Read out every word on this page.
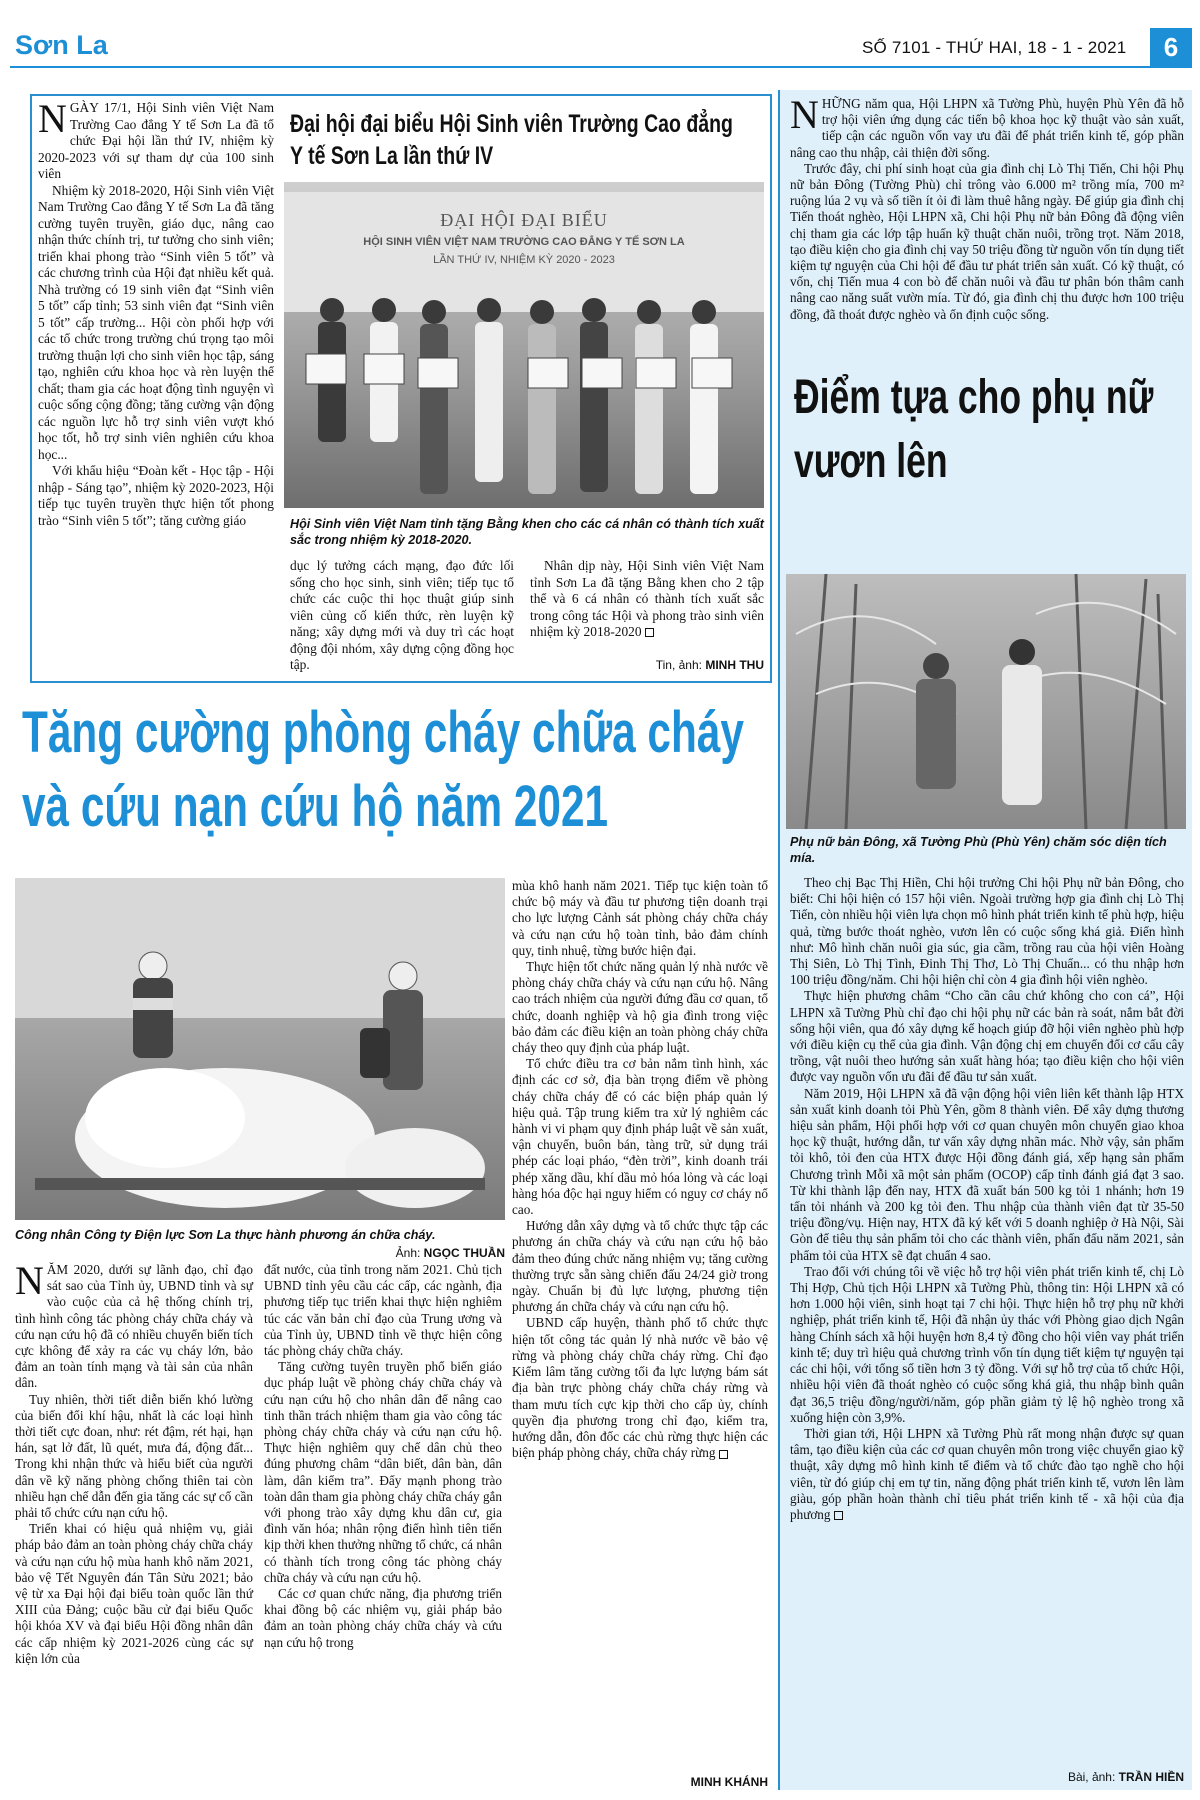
Sơn La	SỐ 7101 - THỨ HAI, 18 - 1 - 2021	6

NGÀY 17/1, Hội Sinh viên Việt Nam Trường Cao đẳng Y tế Sơn La đã tổ chức Đại hội lần thứ IV, nhiệm kỳ 2020-2023 với sự tham dự của 100 sinh viên

Nhiệm kỳ 2018-2020, Hội Sinh viên Việt Nam Trường Cao đẳng Y tế Sơn La đã tăng cường tuyên truyền, giáo dục, nâng cao nhận thức chính trị, tư tưởng cho sinh viên; triển khai phong trào “Sinh viên 5 tốt” và các chương trình của Hội đạt nhiều kết quả. Nhà trường có 19 sinh viên đạt “Sinh viên 5 tốt” cấp tỉnh; 53 sinh viên đạt “Sinh viên 5 tốt” cấp trường... Hội còn phối hợp với các tổ chức trong trường chú trọng tạo môi trường thuận lợi cho sinh viên học tập, sáng tạo, nghiên cứu khoa học và rèn luyện thể chất; tham gia các hoạt động tình nguyện vì cuộc sống cộng đồng; tăng cường vận động các nguồn lực hỗ trợ sinh viên vượt khó học tốt, hỗ trợ sinh viên nghiên cứu khoa học...

Với khẩu hiệu “Đoàn kết - Học tập - Hội nhập - Sáng tạo”, nhiệm kỳ 2020-2023, Hội tiếp tục tuyên truyền thực hiện tốt phong trào “Sinh viên 5 tốt”; tăng cường giáo

Đại hội đại biểu Hội Sinh viên Trường Cao đẳng
Y tế Sơn La lần thứ IV
ĐẠI HỘI ĐẠI BIỂU
HỘI SINH VIÊN VIỆT NAM TRƯỜNG CAO ĐẲNG Y TẾ SƠN LA
LẦN THỨ IV, NHIỆM KỲ 2020 - 2023
Hội Sinh viên Việt Nam tỉnh tặng Bằng khen cho các cá nhân có thành tích xuất sắc trong nhiệm kỳ 2018-2020.

dục lý tưởng cách mạng, đạo đức lối sống cho học sinh, sinh viên; tiếp tục tổ chức các cuộc thi học thuật giúp sinh viên củng cố kiến thức, rèn luyện kỹ năng; xây dựng mới và duy trì các hoạt động đội nhóm, xây dựng cộng đồng học tập.

Nhân dịp này, Hội Sinh viên Việt Nam tỉnh Sơn La đã tặng Bằng khen cho 2 tập thể và 6 cá nhân có thành tích xuất sắc trong công tác Hội và phong trào sinh viên nhiệm kỳ 2018-2020

Tin, ảnh: MINH THU
Tăng cường phòng cháy chữa cháy
và cứu nạn cứu hộ năm 2021
Công nhân Công ty Điện lực Sơn La thực hành phương án chữa cháy.
Ảnh: NGỌC THUẦN

mùa khô hanh năm 2021. Tiếp tục kiện toàn tổ chức bộ máy và đầu tư phương tiện doanh trại cho lực lượng Cảnh sát phòng cháy chữa cháy và cứu nạn cứu hộ toàn tỉnh, bảo đảm chính quy, tinh nhuệ, từng bước hiện đại.

Thực hiện tốt chức năng quản lý nhà nước về phòng cháy chữa cháy và cứu nạn cứu hộ. Nâng cao trách nhiệm của người đứng đầu cơ quan, tổ chức, doanh nghiệp và hộ gia đình trong việc bảo đảm các điều kiện an toàn phòng cháy chữa cháy theo quy định của pháp luật.

Tổ chức điều tra cơ bản nắm tình hình, xác định các cơ sở, địa bàn trọng điểm về phòng cháy chữa cháy để có các biện pháp quản lý hiệu quả. Tập trung kiểm tra xử lý nghiêm các hành vi vi phạm quy định pháp luật về sản xuất, vận chuyển, buôn bán, tàng trữ, sử dụng trái phép các loại pháo, “đèn trời”, kinh doanh trái phép xăng dầu, khí dầu mỏ hóa lỏng và các loại hàng hóa độc hại nguy hiểm có nguy cơ cháy nổ cao.

Hướng dẫn xây dựng và tổ chức thực tập các phương án chữa cháy và cứu nạn cứu hộ bảo đảm theo đúng chức năng nhiệm vụ; tăng cường thường trực sẵn sàng chiến đấu 24/24 giờ trong ngày. Chuẩn bị đủ lực lượng, phương tiện phương án chữa cháy và cứu nạn cứu hộ.

UBND cấp huyện, thành phố tổ chức thực hiện tốt công tác quản lý nhà nước về bảo vệ rừng và phòng cháy chữa cháy rừng. Chỉ đạo Kiểm lâm tăng cường tối đa lực lượng bám sát địa bàn trực phòng cháy chữa cháy rừng và tham mưu tích cực kịp thời cho cấp ủy, chính quyền địa phương trong chỉ đạo, kiểm tra, hướng dẫn, đôn đốc các chủ rừng thực hiện các biện pháp phòng cháy, chữa cháy rừng

MINH KHÁNH

NĂM 2020, dưới sự lãnh đạo, chỉ đạo sát sao của Tỉnh ủy, UBND tỉnh và sự vào cuộc của cả hệ thống chính trị, tình hình công tác phòng cháy chữa cháy và cứu nạn cứu hộ đã có nhiều chuyển biến tích cực không để xảy ra các vụ cháy lớn, bảo đảm an toàn tính mạng và tài sản của nhân dân.

Tuy nhiên, thời tiết diễn biến khó lường của biến đổi khí hậu, nhất là các loại hình thời tiết cực đoan, như: rét đậm, rét hại, hạn hán, sạt lở đất, lũ quét, mưa đá, động đất... Trong khi nhận thức và hiểu biết của người dân về kỹ năng phòng chống thiên tai còn nhiều hạn chế dẫn đến gia tăng các sự cố cần phải tổ chức cứu nạn cứu hộ.

Triển khai có hiệu quả nhiệm vụ, giải pháp bảo đảm an toàn phòng cháy chữa cháy và cứu nạn cứu hộ mùa hanh khô năm 2021, bảo vệ Tết Nguyên đán Tân Sửu 2021; bảo vệ từ xa Đại hội đại biểu toàn quốc lần thứ XIII của Đảng; cuộc bầu cử đại biểu Quốc hội khóa XV và đại biểu Hội đồng nhân dân các cấp nhiệm kỳ 2021-2026 cùng các sự kiện lớn của

đất nước, của tỉnh trong năm 2021. Chủ tịch UBND tỉnh yêu cầu các cấp, các ngành, địa phương tiếp tục triển khai thực hiện nghiêm túc các văn bản chỉ đạo của Trung ương và của Tỉnh ủy, UBND tỉnh về thực hiện công tác phòng cháy chữa cháy.

Tăng cường tuyên truyền phổ biến giáo dục pháp luật về phòng cháy chữa cháy và cứu nạn cứu hộ cho nhân dân để nâng cao tinh thần trách nhiệm tham gia vào công tác phòng cháy chữa cháy và cứu nạn cứu hộ. Thực hiện nghiêm quy chế dân chủ theo đúng phương châm “dân biết, dân bàn, dân làm, dân kiểm tra”. Đẩy mạnh phong trào toàn dân tham gia phòng cháy chữa cháy gắn với phong trào xây dựng khu dân cư, gia đình văn hóa; nhân rộng điển hình tiên tiến kịp thời khen thưởng những tổ chức, cá nhân có thành tích trong công tác phòng cháy chữa cháy và cứu nạn cứu hộ.

Các cơ quan chức năng, địa phương triển khai đồng bộ các nhiệm vụ, giải pháp bảo đảm an toàn phòng cháy chữa cháy và cứu nạn cứu hộ trong

NHỮNG năm qua, Hội LHPN xã Tường Phù, huyện Phù Yên đã hỗ trợ hội viên ứng dụng các tiến bộ khoa học kỹ thuật vào sản xuất, tiếp cận các nguồn vốn vay ưu đãi để phát triển kinh tế, góp phần nâng cao thu nhập, cải thiện đời sống.

Trước đây, chi phí sinh hoạt của gia đình chị Lò Thị Tiến, Chi hội Phụ nữ bản Đông (Tường Phù) chỉ trông vào 6.000 m² trồng mía, 700 m² ruộng lúa 2 vụ và số tiền ít ỏi đi làm thuê hằng ngày. Để giúp gia đình chị Tiến thoát nghèo, Hội LHPN xã, Chi hội Phụ nữ bản Đông đã động viên chị tham gia các lớp tập huấn kỹ thuật chăn nuôi, trồng trọt. Năm 2018, tạo điều kiện cho gia đình chị vay 50 triệu đồng từ nguồn vốn tín dụng tiết kiệm tự nguyện của Chi hội để đầu tư phát triển sản xuất. Có kỹ thuật, có vốn, chị Tiến mua 4 con bò để chăn nuôi và đầu tư phân bón thâm canh nâng cao năng suất vườn mía. Từ đó, gia đình chị thu được hơn 100 triệu đồng, đã thoát được nghèo và ổn định cuộc sống.

Điểm tựa cho phụ nữ
vươn lên
Phụ nữ bản Đông, xã Tường Phù (Phù Yên) chăm sóc diện tích mía.

Theo chị Bạc Thị Hiền, Chi hội trưởng Chi hội Phụ nữ bản Đông, cho biết: Chi hội hiện có 157 hội viên. Ngoài trường hợp gia đình chị Lò Thị Tiến, còn nhiều hội viên lựa chọn mô hình phát triển kinh tế phù hợp, hiệu quả, từng bước thoát nghèo, vươn lên có cuộc sống khá giả. Điển hình như: Mô hình chăn nuôi gia súc, gia cầm, trồng rau của hội viên Hoàng Thị Siên, Lò Thị Tình, Đinh Thị Thơ, Lò Thị Chuẩn... có thu nhập hơn 100 triệu đồng/năm. Chi hội hiện chỉ còn 4 gia đình hội viên nghèo.

Thực hiện phương châm “Cho cần câu chứ không cho con cá”, Hội LHPN xã Tường Phù chỉ đạo chi hội phụ nữ các bản rà soát, nắm bắt đời sống hội viên, qua đó xây dựng kế hoạch giúp đỡ hội viên nghèo phù hợp với điều kiện cụ thể của gia đình. Vận động chị em chuyển đổi cơ cấu cây trồng, vật nuôi theo hướng sản xuất hàng hóa; tạo điều kiện cho hội viên được vay nguồn vốn ưu đãi để đầu tư sản xuất.

Năm 2019, Hội LHPN xã đã vận động hội viên liên kết thành lập HTX sản xuất kinh doanh tỏi Phù Yên, gồm 8 thành viên. Để xây dựng thương hiệu sản phẩm, Hội phối hợp với cơ quan chuyên môn chuyển giao khoa học kỹ thuật, hướng dẫn, tư vấn xây dựng nhãn mác. Nhờ vậy, sản phẩm tỏi khô, tỏi đen của HTX được Hội đồng đánh giá, xếp hạng sản phẩm Chương trình Mỗi xã một sản phẩm (OCOP) cấp tỉnh đánh giá đạt 3 sao. Từ khi thành lập đến nay, HTX đã xuất bán 500 kg tỏi 1 nhánh; hơn 19 tấn tỏi nhánh và 200 kg tỏi đen. Thu nhập của thành viên đạt từ 35-50 triệu đồng/vụ. Hiện nay, HTX đã ký kết với 5 doanh nghiệp ở Hà Nội, Sài Gòn để tiêu thụ sản phẩm tỏi cho các thành viên, phấn đấu năm 2021, sản phẩm tỏi của HTX sẽ đạt chuẩn 4 sao.

Trao đổi với chúng tôi về việc hỗ trợ hội viên phát triển kinh tế, chị Lò Thị Hợp, Chủ tịch Hội LHPN xã Tường Phù, thông tin: Hội LHPN xã có hơn 1.000 hội viên, sinh hoạt tại 7 chi hội. Thực hiện hỗ trợ phụ nữ khởi nghiệp, phát triển kinh tế, Hội đã nhận ủy thác với Phòng giao dịch Ngân hàng Chính sách xã hội huyện hơn 8,4 tỷ đồng cho hội viên vay phát triển kinh tế; duy trì hiệu quả chương trình vốn tín dụng tiết kiệm tự nguyện tại các chi hội, với tổng số tiền hơn 3 tỷ đồng. Với sự hỗ trợ của tổ chức Hội, nhiều hội viên đã thoát nghèo có cuộc sống khá giả, thu nhập bình quân đạt 36,5 triệu đồng/người/năm, góp phần giảm tỷ lệ hộ nghèo trong xã xuống hiện còn 3,9%.

Thời gian tới, Hội LHPN xã Tường Phù rất mong nhận được sự quan tâm, tạo điều kiện của các cơ quan chuyên môn trong việc chuyển giao kỹ thuật, xây dựng mô hình kinh tế điểm và tổ chức đào tạo nghề cho hội viên, từ đó giúp chị em tự tin, năng động phát triển kinh tế, vươn lên làm giàu, góp phần hoàn thành chỉ tiêu phát triển kinh tế - xã hội của địa phương

Bài, ảnh: TRẦN HIỀN
